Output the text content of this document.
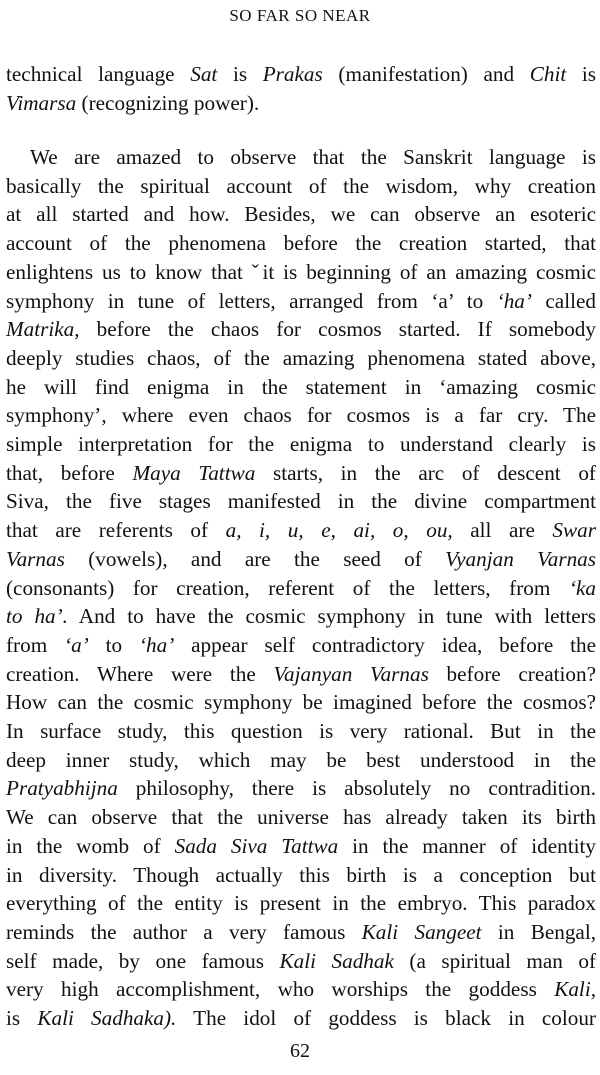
SO FAR SO NEAR

technical language Sat is Prakas (manifestation) and Chit is
Vimarsa (recognizing power).

We are amazed to observe that the Sanskrit language is
basically the spiritual account of the wisdom, why creation
at all started and how. Besides, we can observe an esoteric
account of the phenomena before the creation started, that
enlightens us to know that ˇit is beginning of an amazing cosmic
symphony in tune of letters, arranged from ‘a’ to ‘ha’ called
Matrika, before the chaos for cosmos started. If somebody
deeply studies chaos, of the amazing phenomena stated above,
he will find enigma in the statement in ‘amazing cosmic
symphony’, where even chaos for cosmos is a far cry. The
simple interpretation for the enigma to understand clearly is
that, before Maya Tattwa starts, in the arc of descent of
Siva, the five stages manifested in the divine compartment
that are referents of a, i, u, e, ai, o, ou, all are Swar
Varnas (vowels), and are the seed of Vyanjan Varnas
(consonants) for creation, referent of the letters, from ‘ka
to ha’. And to have the cosmic symphony in tune with letters
from ‘a’ to ‘ha’ appear self contradictory idea, before the
creation. Where were the Vajanyan Varnas before creation?
How can the cosmic symphony be imagined before the cosmos?
In surface study, this question is very rational. But in the
deep inner study, which may be best understood in the
Pratyabhijna philosophy, there is absolutely no contradition.
We can observe that the universe has already taken its birth
in the womb of Sada Siva Tattwa in the manner of identity
in diversity. Though actually this birth is a conception but
everything of the entity is present in the embryo. This paradox
reminds the author a very famous Kali Sangeet in Bengal,
self made, by one famous Kali Sadhak (a spiritual man of
very high accomplishment, who worships the goddess Kali,
is Kali Sadhaka). The idol of goddess is black in colour

62
